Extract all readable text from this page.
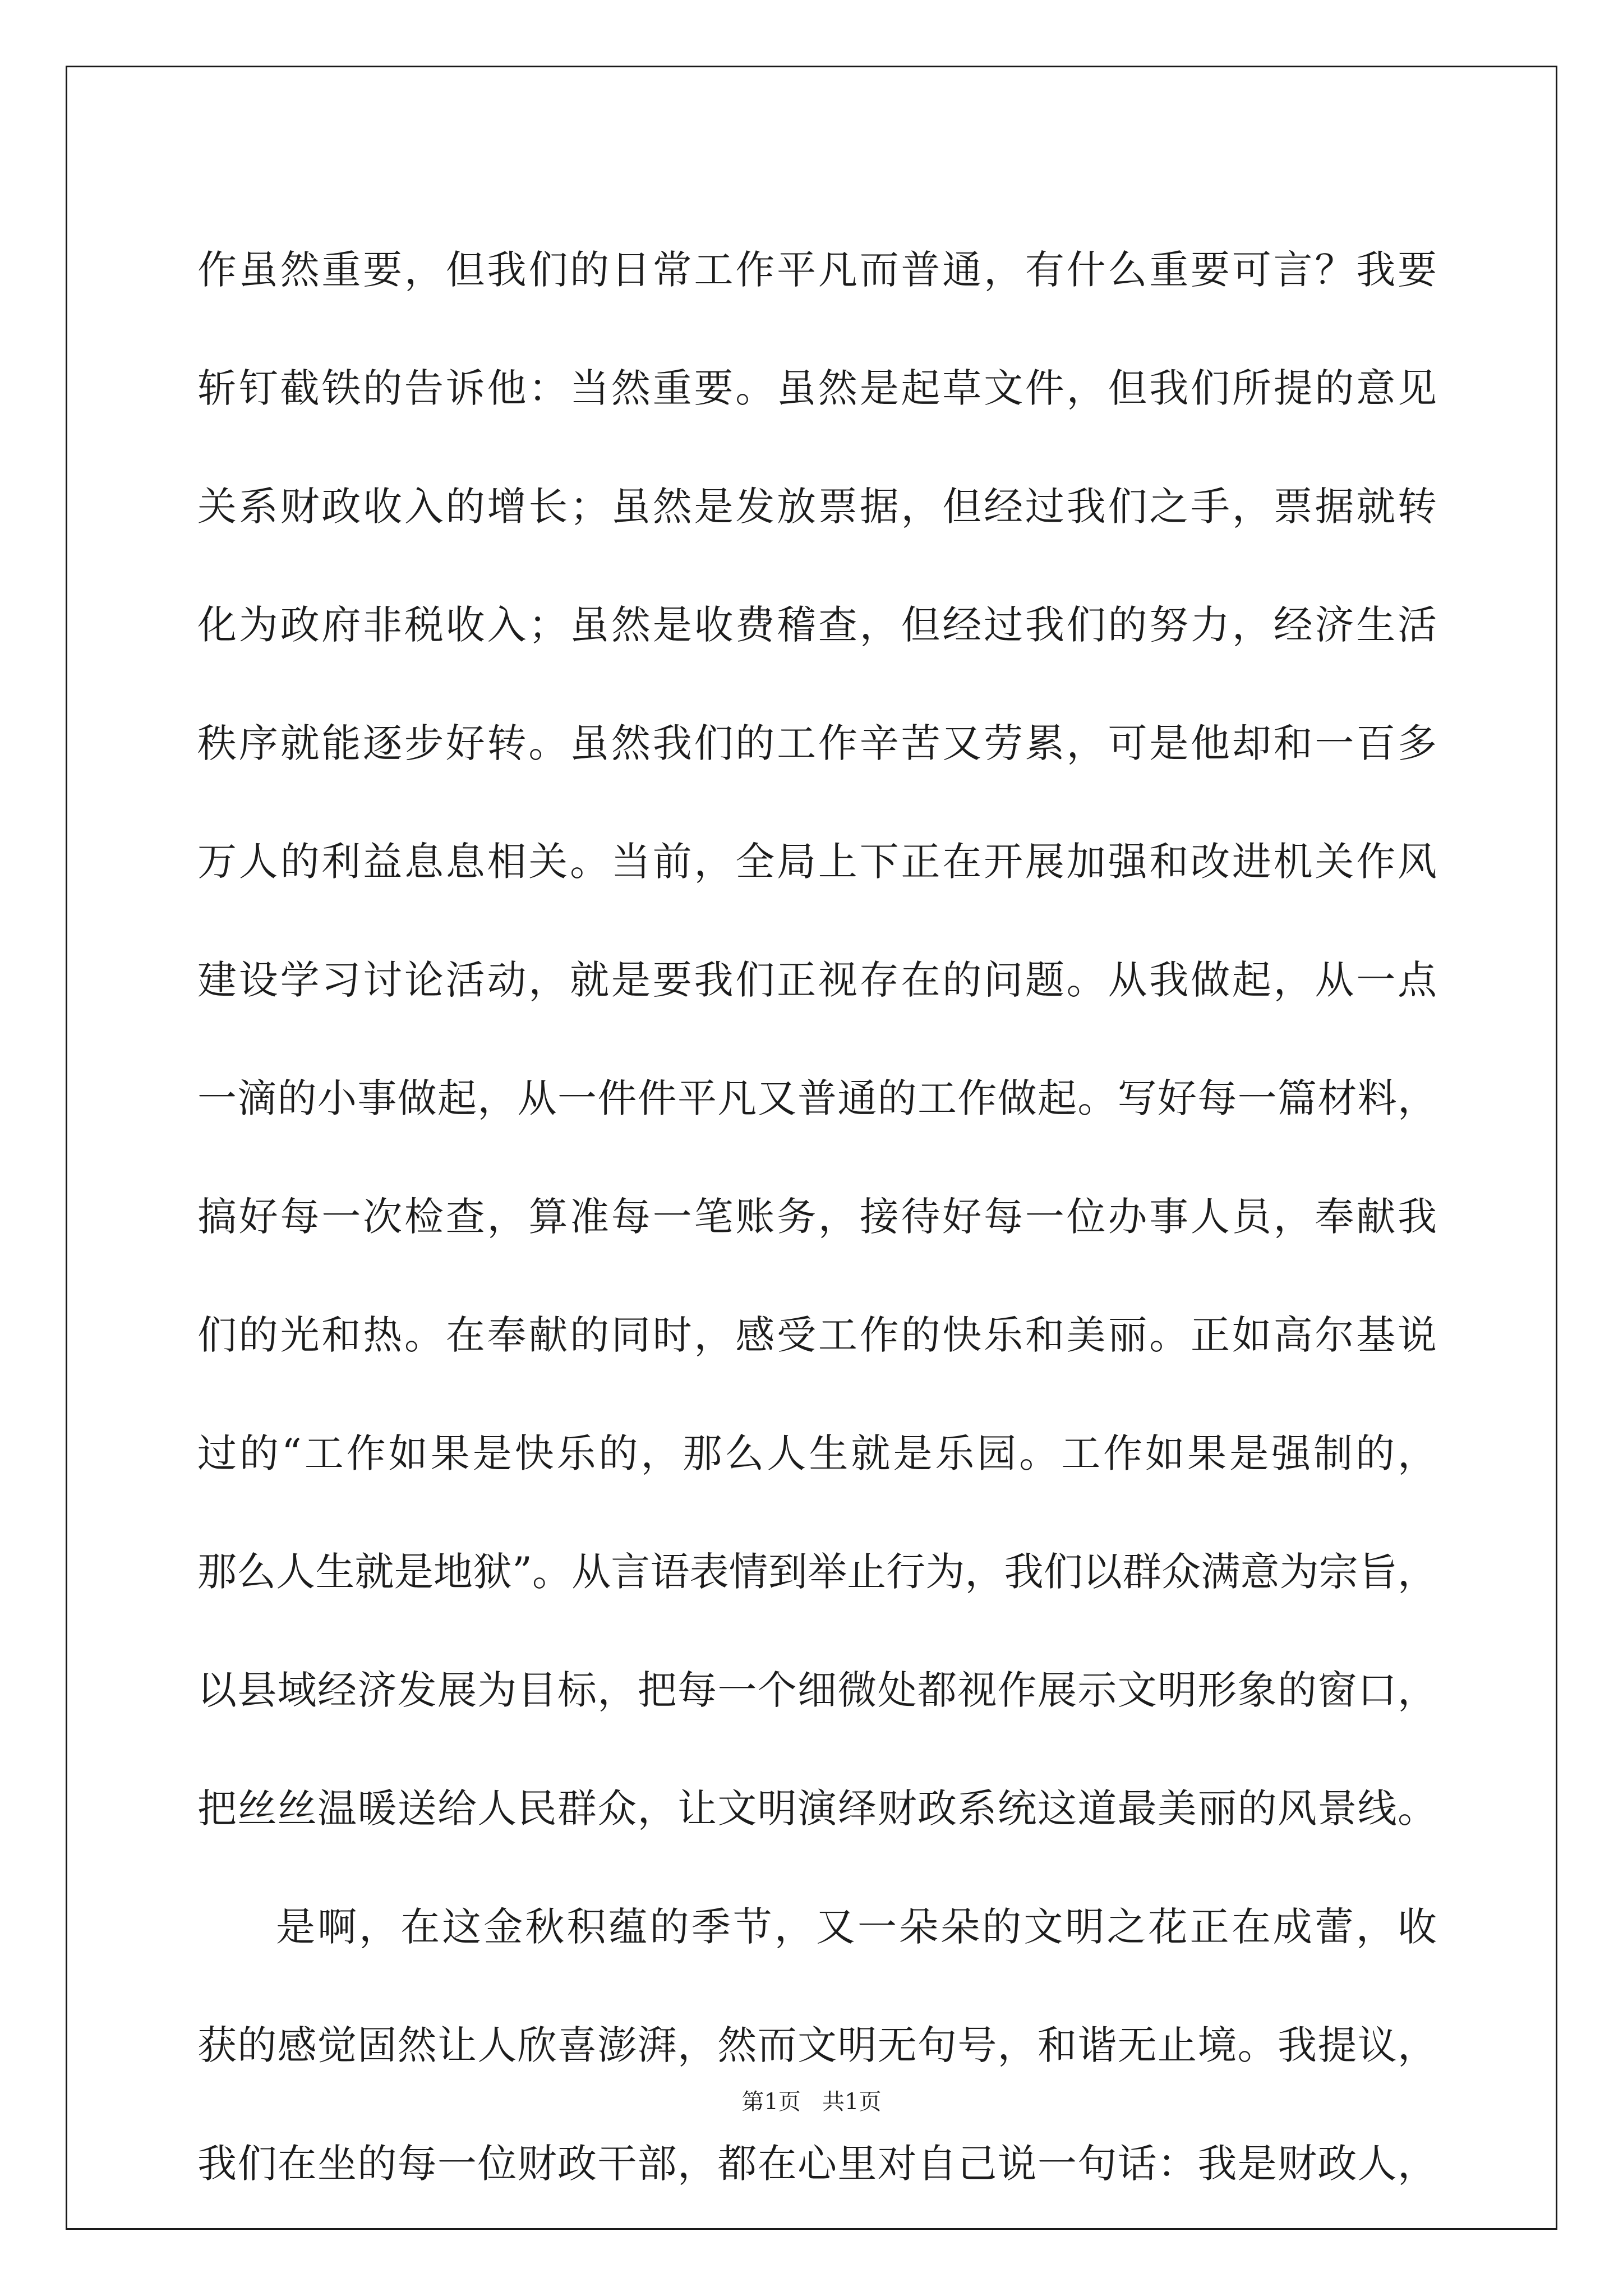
作虽然重要，但我们的日常工作平凡而普通，有什么重要可言？我要
斩钉截铁的告诉他：当然重要。虽然是起草文件，但我们所提的意见
关系财政收入的增长；虽然是发放票据，但经过我们之手，票据就转
化为政府非税收入；虽然是收费稽查，但经过我们的努力，经济生活
秩序就能逐步好转。虽然我们的工作辛苦又劳累，可是他却和一百多
万人的利益息息相关。当前，全局上下正在开展加强和改进机关作风
建设学习讨论活动，就是要我们正视存在的问题。从我做起，从一点
一滴的小事做起，从一件件平凡又普通的工作做起。写好每一篇材料，
搞好每一次检查，算准每一笔账务，接待好每一位办事人员，奉献我
们的光和热。在奉献的同时，感受工作的快乐和美丽。正如高尔基说
过的“工作如果是快乐的，那么人生就是乐园。工作如果是强制的，
那么人生就是地狱”。从言语表情到举止行为，我们以群众满意为宗旨，
以县域经济发展为目标，把每一个细微处都视作展示文明形象的窗口，
把丝丝温暖送给人民群众，让文明演绎财政系统这道最美丽的风景线。
是啊，在这金秋积蕴的季节，又一朵朵的文明之花正在成蕾，收
获的感觉固然让人欣喜澎湃，然而文明无句号，和谐无止境。我提议，
我们在坐的每一位财政干部，都在心里对自己说一句话：我是财政人，
第1页   共1页
